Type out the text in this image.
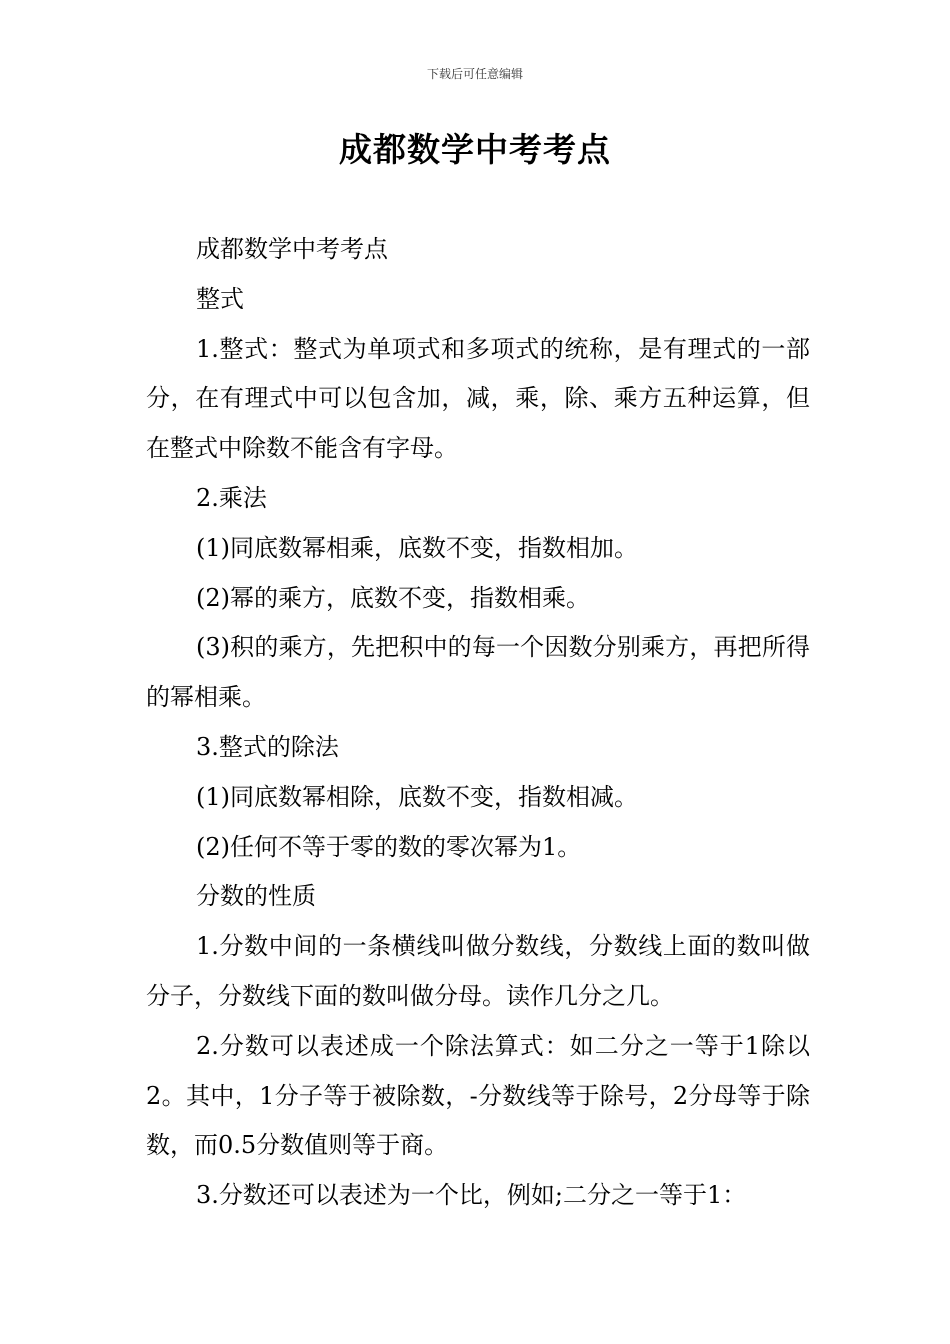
下载后可任意编辑
成都数学中考考点

成都数学中考考点

整式

1.整式：整式为单项式和多项式的统称，是有理式的一部分，在有理式中可以包含加，减，乘，除、乘方五种运算，但在整式中除数不能含有字母。

2.乘法

(1)同底数幂相乘，底数不变，指数相加。

(2)幂的乘方，底数不变，指数相乘。

(3)积的乘方，先把积中的每一个因数分别乘方，再把所得的幂相乘。

3.整式的除法

(1)同底数幂相除，底数不变，指数相减。

(2)任何不等于零的数的零次幂为1。

分数的性质

1.分数中间的一条横线叫做分数线，分数线上面的数叫做分子，分数线下面的数叫做分母。读作几分之几。

2.分数可以表述成一个除法算式：如二分之一等于1除以2。其中，1分子等于被除数，-分数线等于除号，2分母等于除数，而0.5分数值则等于商。

3.分数还可以表述为一个比，例如;二分之一等于1：
